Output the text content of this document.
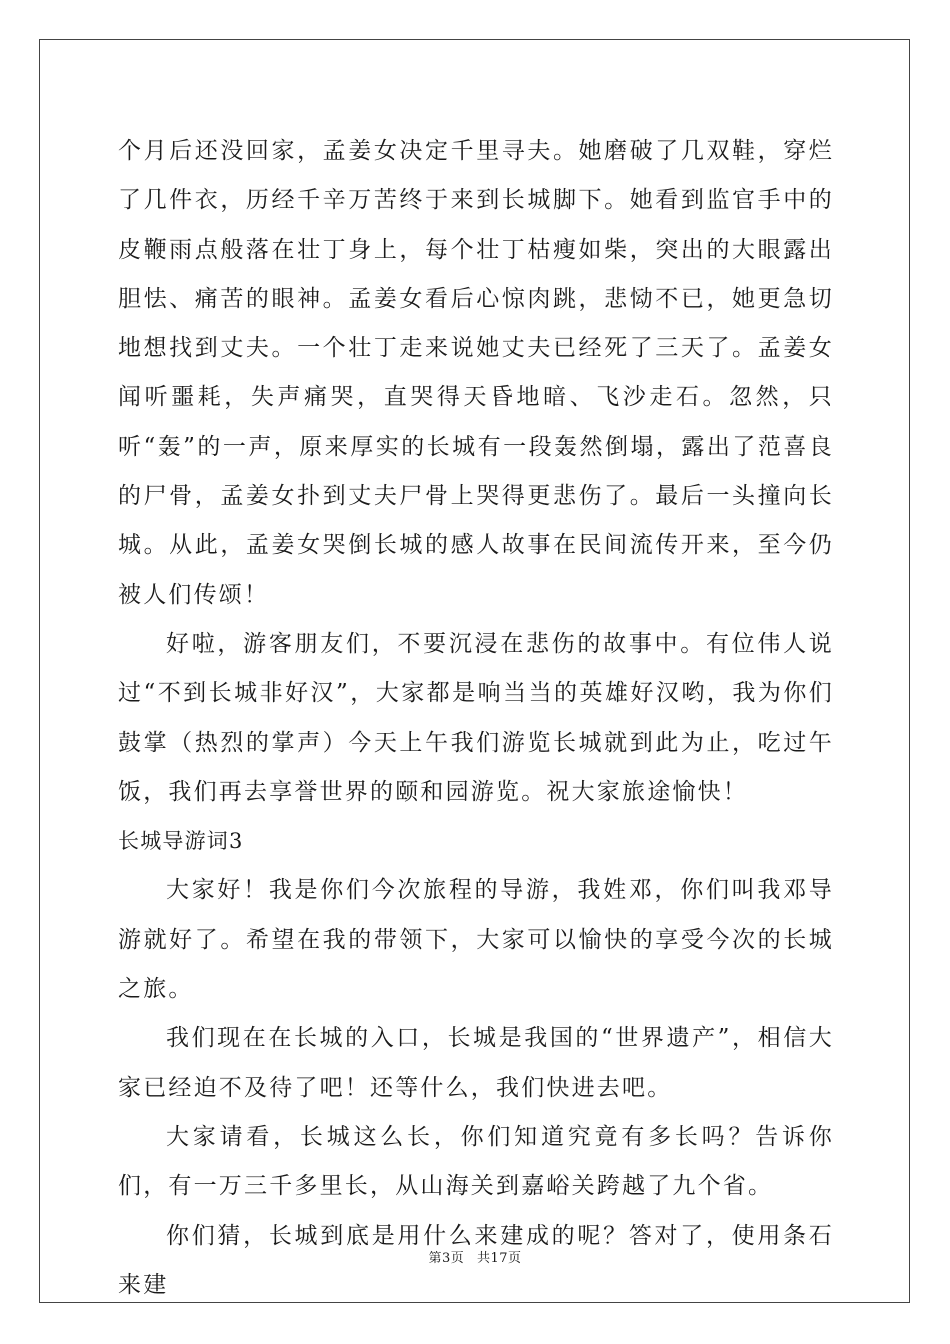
个月后还没回家，孟姜女决定千里寻夫。她磨破了几双鞋，穿烂了几件衣，历经千辛万苦终于来到长城脚下。她看到监官手中的皮鞭雨点般落在壮丁身上，每个壮丁枯瘦如柴，突出的大眼露出胆怯、痛苦的眼神。孟姜女看后心惊肉跳，悲恸不已，她更急切地想找到丈夫。一个壮丁走来说她丈夫已经死了三天了。孟姜女闻听噩耗，失声痛哭，直哭得天昏地暗、飞沙走石。忽然，只听“轰”的一声，原来厚实的长城有一段轰然倒塌，露出了范喜良的尸骨，孟姜女扑到丈夫尸骨上哭得更悲伤了。最后一头撞向长城。从此，孟姜女哭倒长城的感人故事在民间流传开来，至今仍被人们传颂！

好啦，游客朋友们，不要沉浸在悲伤的故事中。有位伟人说过“不到长城非好汉”，大家都是响当当的英雄好汉哟，我为你们鼓掌（热烈的掌声）今天上午我们游览长城就到此为止，吃过午饭，我们再去享誉世界的颐和园游览。祝大家旅途愉快！

长城导游词3

大家好！我是你们今次旅程的导游，我姓邓，你们叫我邓导游就好了。希望在我的带领下，大家可以愉快的享受今次的长城之旅。

我们现在在长城的入口，长城是我国的“世界遗产”，相信大家已经迫不及待了吧！还等什么，我们快进去吧。

大家请看，长城这么长，你们知道究竟有多长吗？告诉你们，有一万三千多里长，从山海关到嘉峪关跨越了九个省。

你们猜，长城到底是用什么来建成的呢？答对了，使用条石来建

第3页 共17页
